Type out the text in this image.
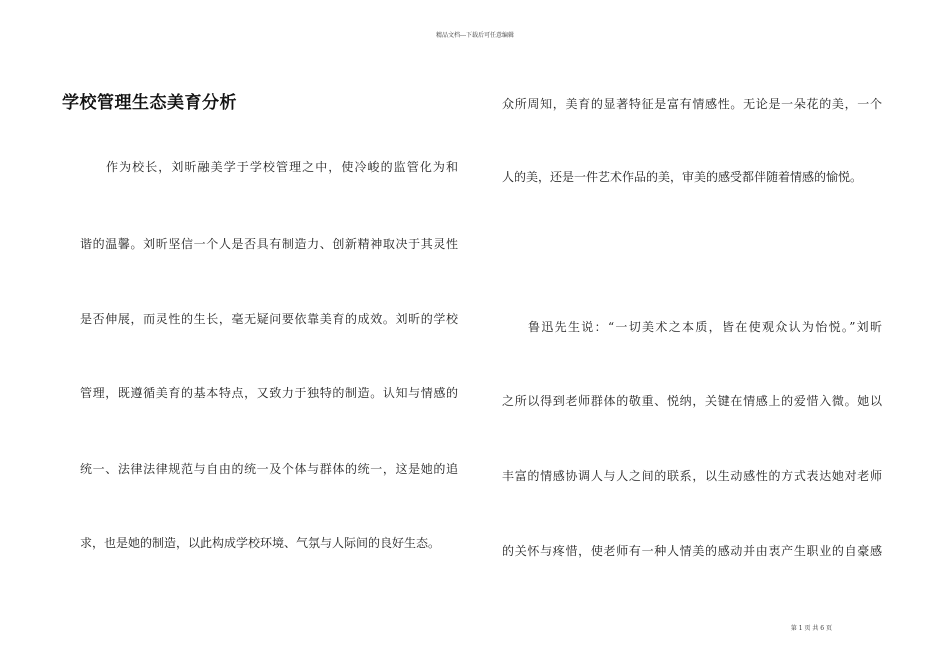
精品文档---下载后可任意编辑
学校管理生态美育分析
作为校长，刘昕融美学于学校管理之中，使冷峻的监管化为和
谐的温馨。刘昕坚信一个人是否具有制造力、创新精神取决于其灵性
是否伸展，而灵性的生长，毫无疑问要依靠美育的成效。刘昕的学校
管理，既遵循美育的基本特点，又致力于独特的制造。认知与情感的
统一、法律法律规范与自由的统一及个体与群体的统一，这是她的追
求，也是她的制造，以此构成学校环境、气氛与人际间的良好生态。
众所周知，美育的显著特征是富有情感性。无论是一朵花的美，一个
人的美，还是一件艺术作品的美，审美的感受都伴随着情感的愉悦。
鲁迅先生说：“一切美术之本质，皆在使观众认为怡悦。”刘昕
之所以得到老师群体的敬重、悦纳，关键在情感上的爱惜入微。她以
丰富的情感协调人与人之间的联系，以生动感性的方式表达她对老师
的关怀与疼惜，使老师有一种人情美的感动并由衷产生职业的自豪感
第 1 页 共 6 页
